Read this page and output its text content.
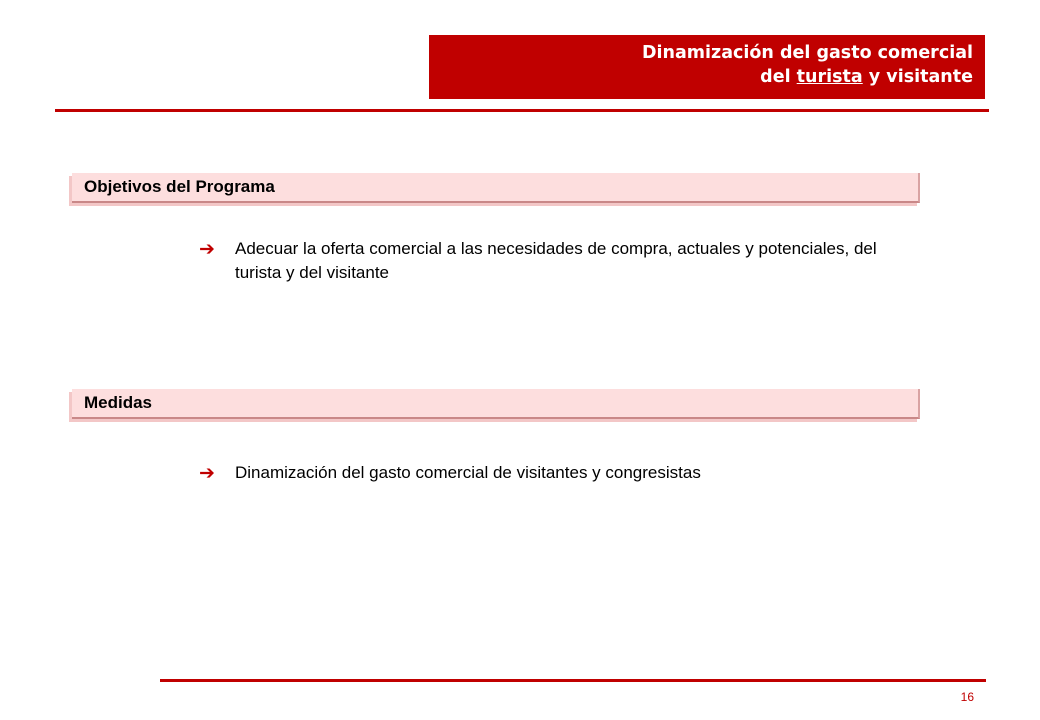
Dinamización del gasto comercial
del turista y visitante
Objetivos del Programa
➔	Adecuar la oferta comercial a las necesidades de compra, actuales y potenciales, del turista y del visitante
Medidas
➔	Dinamización del gasto comercial de visitantes y congresistas
16
